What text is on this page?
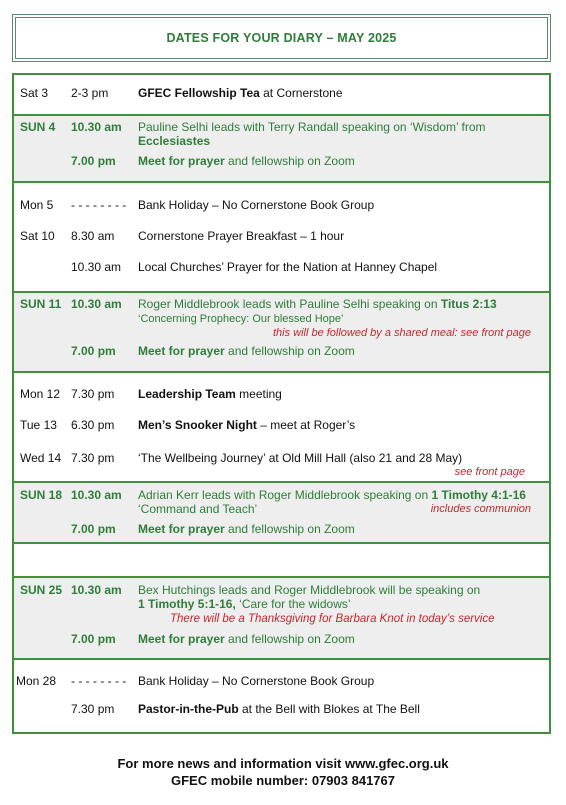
DATES FOR YOUR DIARY – MAY 2025
Sat 3 2-3 pm GFEC Fellowship Tea at Cornerstone
SUN 4 10.30 am Pauline Selhi leads with Terry Randall speaking on ‘Wisdom’ from
Ecclesiastes
7.00 pm Meet for prayer and fellowship on Zoom
Mon 5 - - - - - - - - Bank Holiday – No Cornerstone Book Group
Sat 10 8.30 am Cornerstone Prayer Breakfast – 1 hour
10.30 am Local Churches’ Prayer for the Nation at Hanney Chapel
SUN 11 10.30 am Roger Middlebrook leads with Pauline Selhi speaking on Titus 2:13
‘Concerning Prophecy: Our blessed Hope’
this will be followed by a shared meal: see front page
7.00 pm Meet for prayer and fellowship on Zoom
Mon 12 7.30 pm Leadership Team meeting
Tue 13 6.30 pm Men’s Snooker Night – meet at Roger’s
Wed 14 7.30 pm ‘The Wellbeing Journey’ at Old Mill Hall (also 21 and 28 May)
see front page
SUN 18 10.30 am Adrian Kerr leads with Roger Middlebrook speaking on 1 Timothy 4:1-16
‘Command and Teach’	includes communion
7.00 pm Meet for prayer and fellowship on Zoom
SUN 25 10.30 am Bex Hutchings leads and Roger Middlebrook will be speaking on
1 Timothy 5:1-16, ‘Care for the widows’
There will be a Thanksgiving for Barbara Knot in today’s service
7.00 pm Meet for prayer and fellowship on Zoom
Mon 28 - - - - - - - - Bank Holiday – No Cornerstone Book Group
7.30 pm Pastor-in-the-Pub at the Bell with Blokes at The Bell
For more news and information visit www.gfec.org.uk
GFEC mobile number: 07903 841767
